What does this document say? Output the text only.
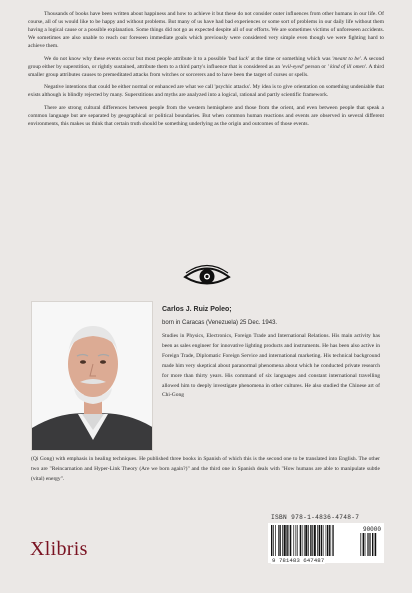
Thousands of books have been written about happiness and how to achieve it but these do not consider outer influences from other humans in our life. Of course, all of us would like to be happy and without problems. But many of us have had bad experiences or some sort of problems in our daily life without them having a logical cause or a possible explanation. Some things did not go as expected despite all of our efforts. We are sometimes victims of unforeseen accidents. We sometimes are also unable to reach our foreseen immediate goals which previously were considered very simple even though we were fighting hard to achieve them.

We do not know why these events occur but most people attribute it to a possible 'bad luck' at the time or something which was 'meant to be'. A second group either by superstition, or rightly sustained, attribute them to a third party's influence that is considered as an 'evil-eyed' person or ' kind of ill omen'. A third smaller group attributes causes to premeditated attacks from witches or sorcerers and to have been the target of curses or spells.

Negative intentions that could be either normal or enhanced are what we call 'psychic attacks'. My idea is to give orientation on something undeniable that exists although is blindly rejected by many. Superstitions and myths are analyzed into a logical, rational and partly scientific framework.

There are strong cultural differences between people from the western hemisphere and those from the orient, and even between people that speak a common language but are separated by geographical or political boundaries. But when common human reactions and events are observed in several different environments, this makes us think that certain truth should be something underlying as the origin and outcomes of those events.

Carlos J. Ruiz Poleo;
born in Caracas (Venezuela) 25 Dec. 1943.

Studies in Physics, Electronics, Foreign Trade and International Relations. His main activity has been as sales engineer for innovative lighting products and instruments. He has been also active in Foreign Trade, Diplomatic Foreign Service and international marketing. His technical background made him very skeptical about paranormal phenomena about which he conducted private research for more than thirty years. His command of six languages and constant international travelling allowed him to deeply investigate phenomena in other cultures. He also studied the Chinese art of Chi-Gong

(Qi Gong) with emphasis in healing techniques. He published three books in Spanish of which this is the second one to be translated into English. The other two are "Reincarnation and Hyper-Link Theory (Are we born again?)" and the third one in Spanish deals with "How humans are able to manipulate subtle (vital) energy".

ISBN 978-1-4836-4748-7
90000
9 781483 647487
Xlibris
